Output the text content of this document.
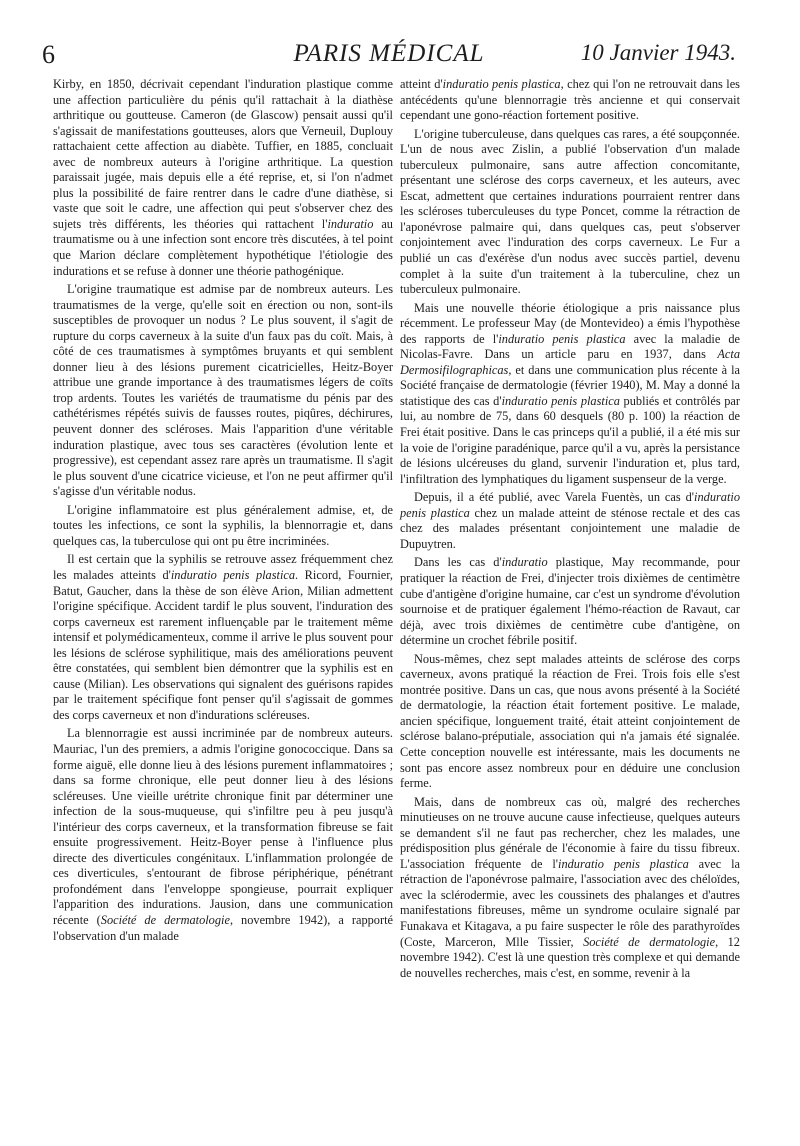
6	PARIS MÉDICAL	10 Janvier 1943.

Kirby, en 1850, décrivait cependant l'induration plastique comme une affection particulière du pénis qu'il rattachait à la diathèse arthritique ou goutteuse. Cameron (de Glascow) pensait aussi qu'il s'agissait de manifestations goutteuses, alors que Verneuil, Duplouy rattachaient cette affection au diabète. Tuffier, en 1885, concluait avec de nombreux auteurs à l'origine arthritique. La question paraissait jugée, mais depuis elle a été reprise, et, si l'on n'admet plus la possibilité de faire rentrer dans le cadre d'une diathèse, si vaste que soit le cadre, une affection qui peut s'observer chez des sujets très différents, les théories qui rattachent l'induratio au traumatisme ou à une infection sont encore très discutées, à tel point que Marion déclare complètement hypothétique l'étiologie des indurations et se refuse à donner une théorie pathogénique.

L'origine traumatique est admise par de nombreux auteurs. Les traumatismes de la verge, qu'elle soit en érection ou non, sont-ils susceptibles de provoquer un nodus ? Le plus souvent, il s'agit de rupture du corps caverneux à la suite d'un faux pas du coït. Mais, à côté de ces traumatismes à symptômes bruyants et qui semblent donner lieu à des lésions purement cicatricielles, Heitz-Boyer attribue une grande importance à des traumatismes légers de coïts trop ardents. Toutes les variétés de traumatisme du pénis par des cathétérismes répétés suivis de fausses routes, piqûres, déchirures, peuvent donner des scléroses. Mais l'apparition d'une véritable induration plastique, avec tous ses caractères (évolution lente et progressive), est cependant assez rare après un traumatisme. Il s'agit le plus souvent d'une cicatrice vicieuse, et l'on ne peut affirmer qu'il s'agisse d'un véritable nodus.

L'origine inflammatoire est plus généralement admise, et, de toutes les infections, ce sont la syphilis, la blennorragie et, dans quelques cas, la tuberculose qui ont pu être incriminées.

Il est certain que la syphilis se retrouve assez fréquemment chez les malades atteints d'induratio penis plastica. Ricord, Fournier, Batut, Gaucher, dans la thèse de son élève Arion, Milian admettent l'origine spécifique. Accident tardif le plus souvent, l'induration des corps caverneux est rarement influençable par le traitement même intensif et polymédicamenteux, comme il arrive le plus souvent pour les lésions de sclérose syphilitique, mais des améliorations peuvent être constatées, qui semblent bien démontrer que la syphilis est en cause (Milian). Les observations qui signalent des guérisons rapides par le traitement spécifique font penser qu'il s'agissait de gommes des corps caverneux et non d'indurations scléreuses.

La blennorragie est aussi incriminée par de nombreux auteurs. Mauriac, l'un des premiers, a admis l'origine gonococcique. Dans sa forme aiguë, elle donne lieu à des lésions purement inflammatoires ; dans sa forme chronique, elle peut donner lieu à des lésions scléreuses. Une vieille urétrite chronique finit par déterminer une infection de la sous-muqueuse, qui s'infiltre peu à peu jusqu'à l'intérieur des corps caverneux, et la transformation fibreuse se fait ensuite progressivement. Heitz-Boyer pense à l'influence plus directe des diverticules congénitaux. L'inflammation prolongée de ces diverticules, s'entourant de fibrose périphérique, pénétrant profondément dans l'enveloppe spongieuse, pourrait expliquer l'apparition des indurations. Jausion, dans une communication récente (Société de dermatologie, novembre 1942), a rapporté l'observation d'un malade

atteint d'induratio penis plastica, chez qui l'on ne retrouvait dans les antécédents qu'une blennorragie très ancienne et qui conservait cependant une gono-réaction fortement positive.

L'origine tuberculeuse, dans quelques cas rares, a été soupçonnée. L'un de nous avec Zislin, a publié l'observation d'un malade tuberculeux pulmonaire, sans autre affection concomitante, présentant une sclérose des corps caverneux, et les auteurs, avec Escat, admettent que certaines indurations pourraient rentrer dans les scléroses tuberculeuses du type Poncet, comme la rétraction de l'aponévrose palmaire qui, dans quelques cas, peut s'observer conjointement avec l'induration des corps caverneux. Le Fur a publié un cas d'exérèse d'un nodus avec succès partiel, devenu complet à la suite d'un traitement à la tuberculine, chez un tuberculeux pulmonaire.

Mais une nouvelle théorie étiologique a pris naissance plus récemment. Le professeur May (de Montevideo) a émis l'hypothèse des rapports de l'induratio penis plastica avec la maladie de Nicolas-Favre. Dans un article paru en 1937, dans Acta Dermosifilographicas, et dans une communication plus récente à la Société française de dermatologie (février 1940), M. May a donné la statistique des cas d'induratio penis plastica publiés et contrôlés par lui, au nombre de 75, dans 60 desquels (80 p. 100) la réaction de Frei était positive. Dans le cas princeps qu'il a publié, il a été mis sur la voie de l'origine paradénique, parce qu'il a vu, après la persistance de lésions ulcéreuses du gland, survenir l'induration et, plus tard, l'infiltration des lymphatiques du ligament suspenseur de la verge.

Depuis, il a été publié, avec Varela Fuentès, un cas d'induratio penis plastica chez un malade atteint de sténose rectale et des cas chez des malades présentant conjointement une maladie de Dupuytren.

Dans les cas d'induratio plastique, May recommande, pour pratiquer la réaction de Frei, d'injecter trois dixièmes de centimètre cube d'antigène d'origine humaine, car c'est un syndrome d'évolution sournoise et de pratiquer également l'hémo-réaction de Ravaut, car déjà, avec trois dixièmes de centimètre cube d'antigène, on détermine un crochet fébrile positif.

Nous-mêmes, chez sept malades atteints de sclérose des corps caverneux, avons pratiqué la réaction de Frei. Trois fois elle s'est montrée positive. Dans un cas, que nous avons présenté à la Société de dermatologie, la réaction était fortement positive. Le malade, ancien spécifique, longuement traité, était atteint conjointement de sclérose balano-préputiale, association qui n'a jamais été signalée. Cette conception nouvelle est intéressante, mais les documents ne sont pas encore assez nombreux pour en déduire une conclusion ferme.

Mais, dans de nombreux cas où, malgré des recherches minutieuses on ne trouve aucune cause infectieuse, quelques auteurs se demandent s'il ne faut pas rechercher, chez les malades, une prédisposition plus générale de l'économie à faire du tissu fibreux. L'association fréquente de l'induratio penis plastica avec la rétraction de l'aponévrose palmaire, l'association avec des chéloïdes, avec la sclérodermie, avec les coussinets des phalanges et d'autres manifestations fibreuses, même un syndrome oculaire signalé par Funakava et Kitagava, a pu faire suspecter le rôle des parathyroïdes (Coste, Marceron, Mlle Tissier, Société de dermatologie, 12 novembre 1942). C'est là une question très complexe et qui demande de nouvelles recherches, mais c'est, en somme, revenir à la
